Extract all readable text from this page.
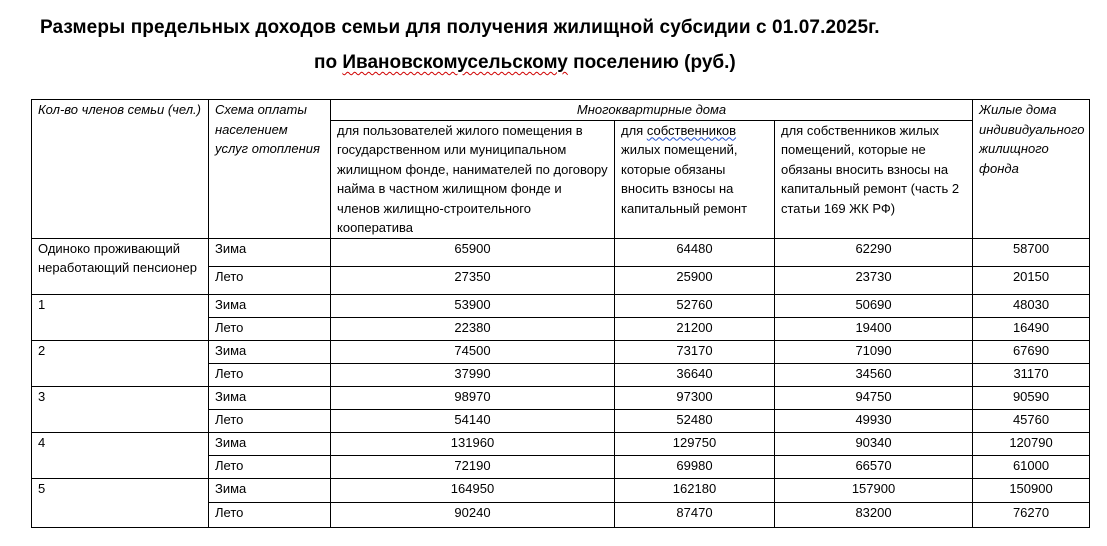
Размеры предельных доходов семьи для получения жилищной субсидии с 01.07.2025г.
по Ивановскомусельскому поселению (руб.)
Кол-во членов семьи (чел.)	Схема оплаты населением услуг отопления	Многоквартирные дома			Жилые дома индивидуального жилищного фонда
		для пользователей жилого помещения в государственном или муниципальном жилищном фонде, нанимателей по договору найма в частном жилищном фонде и членов жилищно-строительного кооператива	для собственников жилых помещений, которые обязаны вносить взносы на капитальный ремонт	для собственников жилых помещений, которые не обязаны вносить взносы на капитальный ремонт (часть 2 статьи 169 ЖК РФ)	
Одиноко проживающий неработающий пенсионер	Зима	65900	64480	62290	58700
	Лето	27350	25900	23730	20150
1	Зима	53900	52760	50690	48030
	Лето	22380	21200	19400	16490
2	Зима	74500	73170	71090	67690
	Лето	37990	36640	34560	31170
3	Зима	98970	97300	94750	90590
	Лето	54140	52480	49930	45760
4	Зима	131960	129750	90340	120790
	Лето	72190	69980	66570	61000
5	Зима	164950	162180	157900	150900
	Лето	90240	87470	83200	76270
